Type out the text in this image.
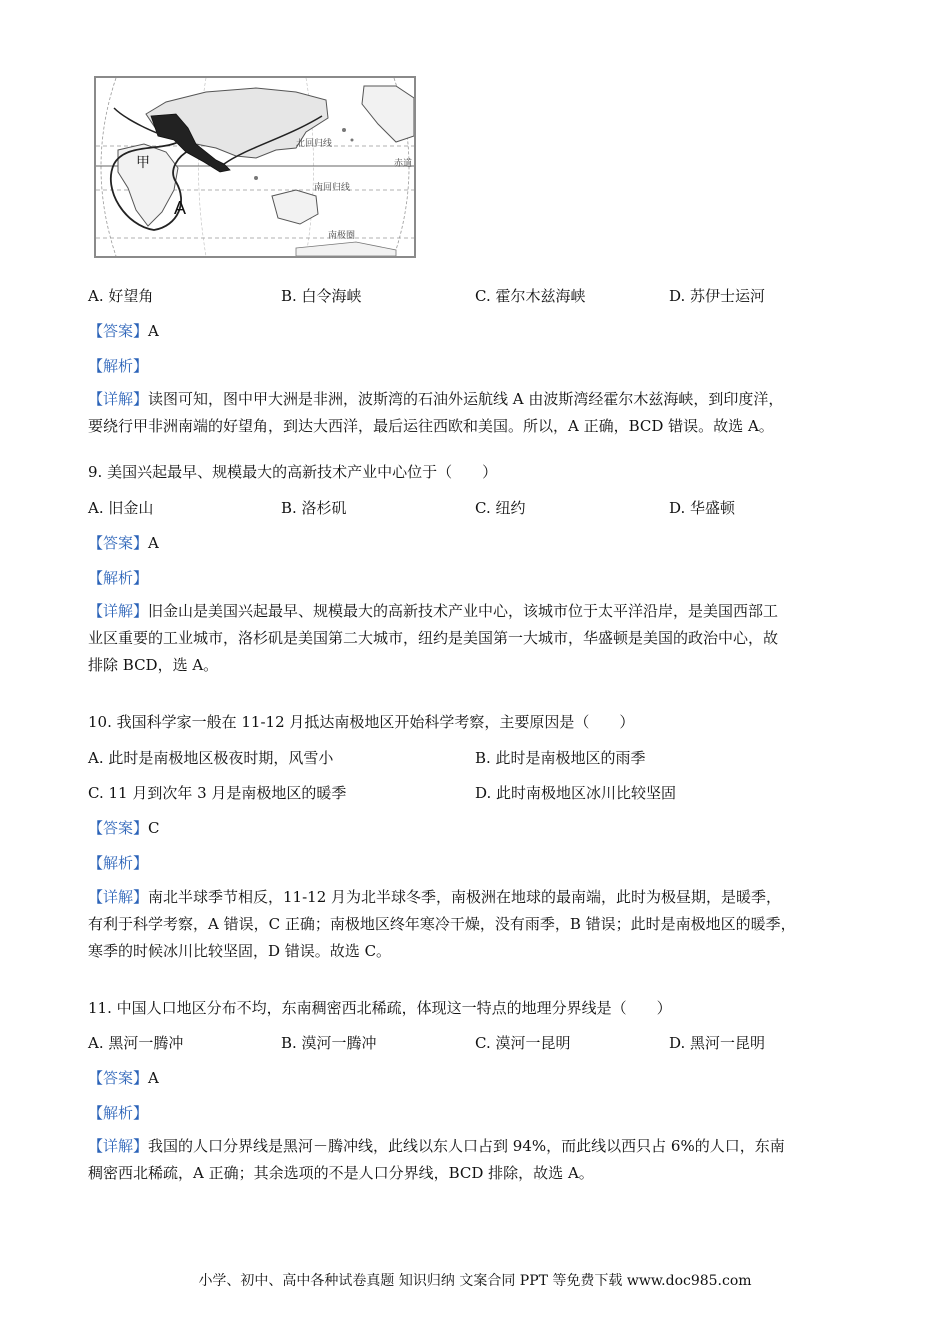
甲
A
北回归线
赤道
南回归线
南极圈
A. 好望角	B. 白令海峡	C. 霍尔木兹海峡	D. 苏伊士运河
【答案】A
【解析】
【详解】读图可知，图中甲大洲是非洲，波斯湾的石油外运航线 A 由波斯湾经霍尔木兹海峡，到印度洋，
要绕行甲非洲南端的好望角，到达大西洋，最后运往西欧和美国。所以，A 正确，BCD 错误。故选 A。
9. 美国兴起最早、规模最大的高新技术产业中心位于（　　）
A. 旧金山	B. 洛杉矶	C. 纽约	D. 华盛顿
【答案】A
【解析】
【详解】旧金山是美国兴起最早、规模最大的高新技术产业中心，该城市位于太平洋沿岸，是美国西部工
业区重要的工业城市，洛杉矶是美国第二大城市，纽约是美国第一大城市，华盛顿是美国的政治中心，故
排除 BCD，选 A。
10. 我国科学家一般在 11-12 月抵达南极地区开始科学考察，主要原因是（　　）
A. 此时是南极地区极夜时期，风雪小	B. 此时是南极地区的雨季
C. 11 月到次年 3 月是南极地区的暖季	D. 此时南极地区冰川比较坚固
【答案】C
【解析】
【详解】南北半球季节相反，11-12 月为北半球冬季，南极洲在地球的最南端，此时为极昼期，是暖季，
有利于科学考察，A 错误，C 正确；南极地区终年寒冷干燥，没有雨季，B 错误；此时是南极地区的暖季，
寒季的时候冰川比较坚固，D 错误。故选 C。
11. 中国人口地区分布不均，东南稠密西北稀疏，体现这一特点的地理分界线是（　　）
A. 黑河一腾冲	B. 漠河一腾冲	C. 漠河一昆明	D. 黑河一昆明
【答案】A
【解析】
【详解】我国的人口分界线是黑河－腾冲线，此线以东人口占到 94%，而此线以西只占 6%的人口，东南
稠密西北稀疏，A 正确；其余选项的不是人口分界线，BCD 排除，故选 A。
小学、初中、高中各种试卷真题 知识归纳 文案合同 PPT 等免费下载 www.doc985.com
